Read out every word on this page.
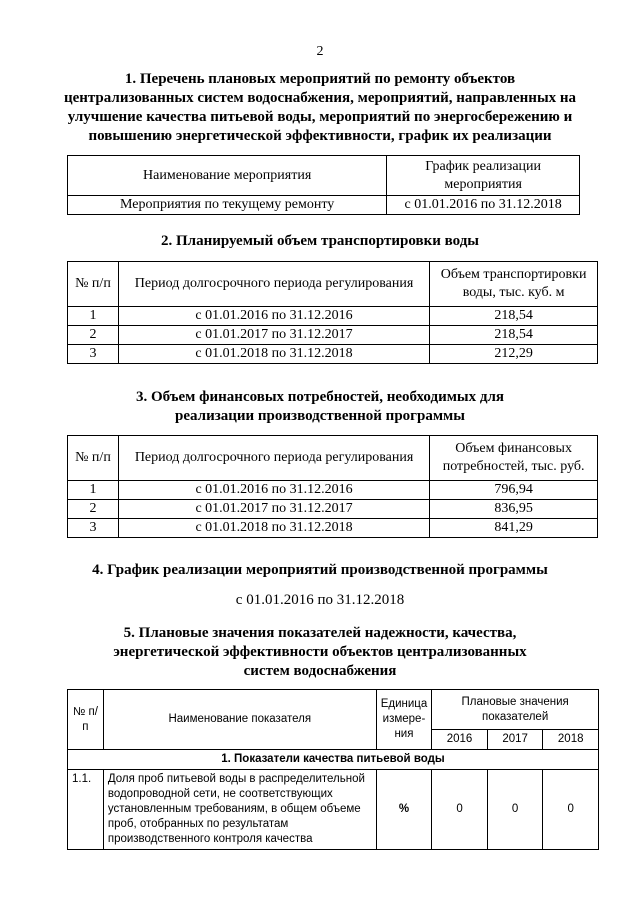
2
1. Перечень плановых мероприятий по ремонту объектов
централизованных систем водоснабжения, мероприятий, направленных на
улучшение качества питьевой воды, мероприятий по энергосбережению и
повышению энергетической эффективности, график их реализации
Наименование мероприятия	График реализации мероприятия
Мероприятия по текущему ремонту	с 01.01.2016 по 31.12.2018
2. Планируемый объем транспортировки воды
№ п/п	Период долгосрочного периода регулирования	Объем транспортировки воды, тыс. куб. м
1	с 01.01.2016 по 31.12.2016	218,54
2	с 01.01.2017 по 31.12.2017	218,54
3	с 01.01.2018 по 31.12.2018	212,29
3. Объем финансовых потребностей, необходимых для
реализации производственной программы
№ п/п	Период долгосрочного периода регулирования	Объем финансовых потребностей, тыс. руб.
1	с 01.01.2016 по 31.12.2016	796,94
2	с 01.01.2017 по 31.12.2017	836,95
3	с 01.01.2018 по 31.12.2018	841,29
4. График реализации мероприятий производственной программы
с 01.01.2016 по 31.12.2018
5. Плановые значения показателей надежности, качества,
энергетической эффективности объектов централизованных
систем водоснабжения
№ п/п	Наименование показателя	Единица измере-ния	Плановые значения показателей		
			2016	2017	2018
1. Показатели качества питьевой воды					
1.1.	Доля проб питьевой воды в распределительной водопроводной сети, не соответствующих установленным требованиям, в общем объеме проб, отобранных по результатам производственного контроля качества	%	0	0	0
